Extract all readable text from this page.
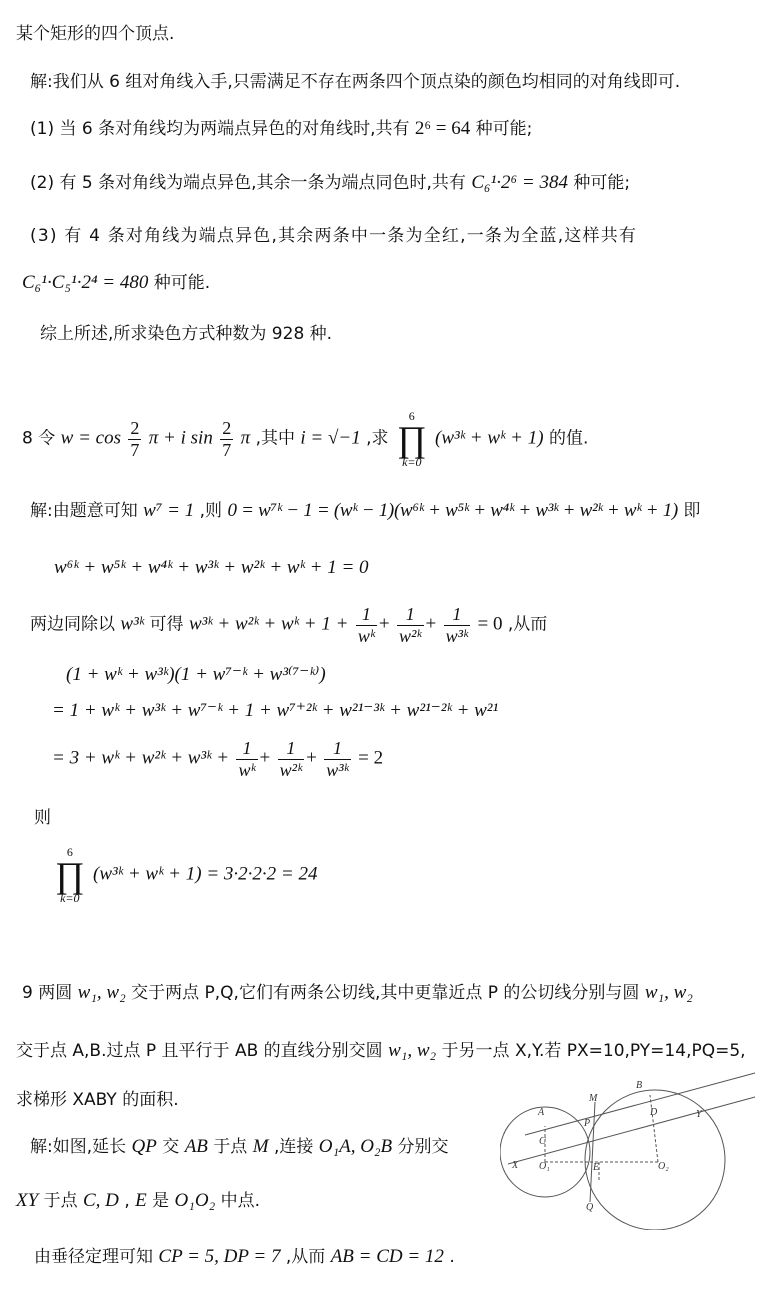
某个矩形的四个顶点.
解:我们从 6 组对角线入手,只需满足不存在两条四个顶点染的颜色均相同的对角线即可.
(1) 当 6 条对角线均为两端点异色的对角线时,共有 2⁶ = 64 种可能;
(2) 有 5 条对角线为端点异色,其余一条为端点同色时,共有 C₆¹·2⁶ = 384 种可能;
(3) 有 4 条对角线为端点异色,其余两条中一条为全红,一条为全蓝,这样共有
C₆¹·C₅¹·2⁴ = 480 种可能.
综上所述,所求染色方式种数为 928 种.
8 令 $w = \cos \frac{2}{7}$ π + i $\sin \frac{2}{7}$ π ,其中 i = √−1 ,求
6
∏
k=0
(w³ᵏ + wᵏ + 1) 的值.
解:由题意可知 w⁷ = 1 ,则 0 = w⁷ᵏ − 1 = (wᵏ − 1)(w⁶ᵏ + w⁵ᵏ + w⁴ᵏ + w³ᵏ + w²ᵏ + wᵏ + 1) 即
w⁶ᵏ + w⁵ᵏ + w⁴ᵏ + w³ᵏ + w²ᵏ + wᵏ + 1 = 0
两边同除以 w³ᵏ 可得 w³ᵏ + w²ᵏ + wᵏ + $1 + \frac{1}{\text{wᵏ}} + \frac{1}{\text{w²ᵏ}} + \frac{1}{\text{w³ᵏ}} = 0$ ,从而
(1 + wᵏ + w³ᵏ)(1 + w⁷⁻ᵏ + w³⁽⁷⁻ᵏ⁾)
= 1 + wᵏ + w³ᵏ + w⁷⁻ᵏ + 1 + w⁷⁺²ᵏ + w²¹⁻³ᵏ + w²¹⁻²ᵏ + w²¹
= 3 + wᵏ + w²ᵏ + w³ᵏ + $\frac{1}{\text{wᵏ}} + \frac{1}{\text{w²ᵏ}} + \frac{1}{\text{w³ᵏ}} = 2$
则
6
∏
k=0
(w³ᵏ + wᵏ + 1) = 3·2·2·2 = 24
9 两圆 w₁, w₂ 交于两点 P,Q,它们有两条公切线,其中更靠近点 P 的公切线分别与圆 w₁, w₂
交于点 A,B.过点 P 且平行于 AB 的直线分别交圆 w₁, w₂ 于另一点 X,Y.若 PX=10,PY=14,PQ=5,
求梯形 XABY 的面积.
解:如图,延长 QP 交 AB 于点 M ,连接 O₁A, O₂B 分别交
XY 于点 C, D , E 是 O₁O₂ 中点.
由垂径定理可知 CP = 5, DP = 7 ,从而 AB = CD = 12 .
B
M
A	D	Y
P
C
X O₁	E	O₂
Q
